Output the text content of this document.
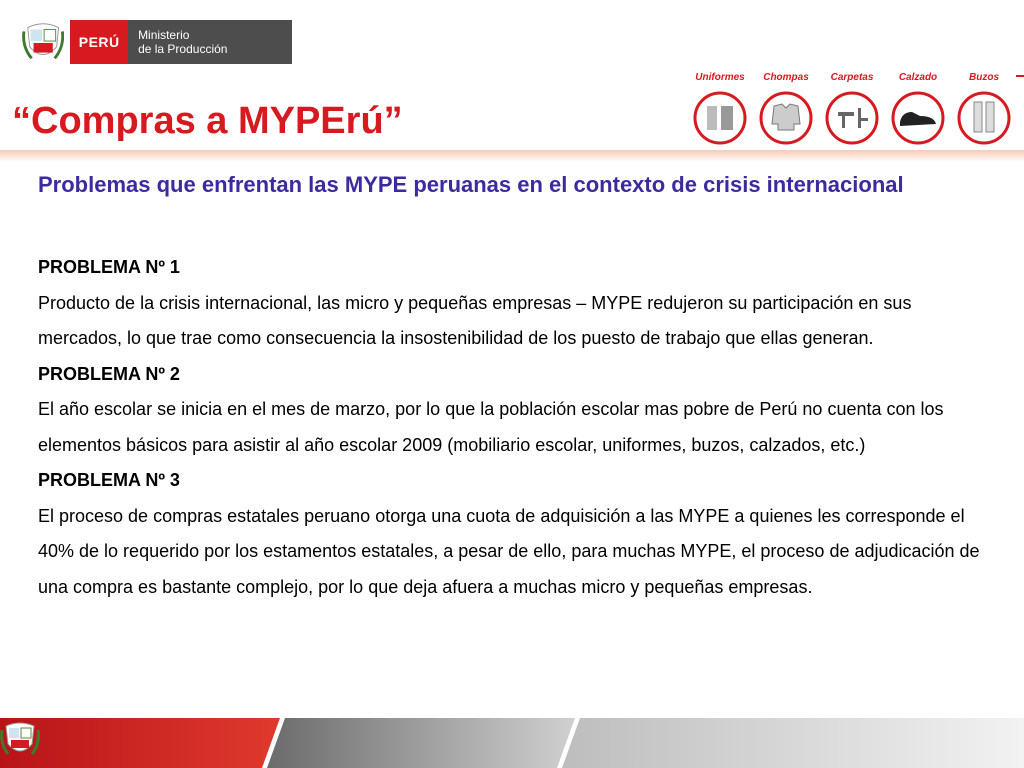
PERÚ	Ministerio
de la Producción
“Compras a MYPErú”
Uniformes	Chompas	Carpetas	Calzado	Buzos
Problemas que enfrentan las MYPE peruanas en el contexto de crisis internacional
PROBLEMA Nº 1
Producto de la crisis internacional, las micro y pequeñas empresas – MYPE redujeron su participación en sus mercados, lo que trae como consecuencia la insostenibilidad de los puesto de trabajo que ellas generan.
PROBLEMA Nº 2
El año escolar se inicia en el mes de marzo, por lo que la población escolar mas pobre de Perú no cuenta con los elementos básicos para asistir al año escolar 2009 (mobiliario escolar, uniformes, buzos, calzados, etc.)
PROBLEMA Nº 3
El proceso de compras estatales peruano otorga una cuota de adquisición a las MYPE a quienes les corresponde el 40% de lo requerido por los estamentos estatales, a pesar de ello, para muchas MYPE, el proceso de adjudicación de una compra es bastante complejo, por lo que deja afuera a muchas micro y pequeñas empresas.
